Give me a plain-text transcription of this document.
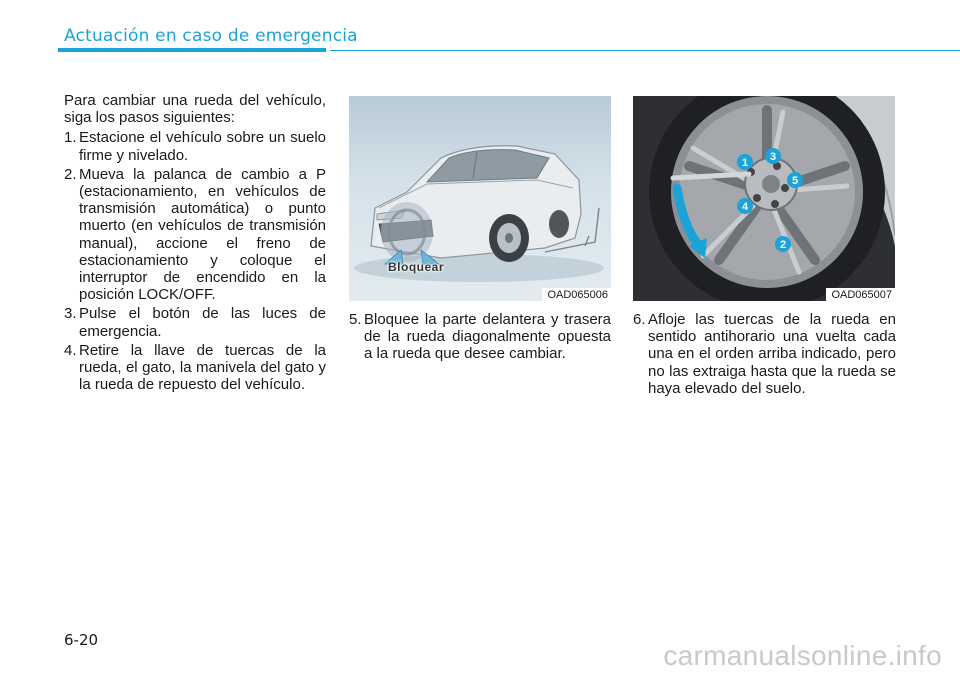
Actuación en caso de emergencia

Para cambiar una rueda del vehículo, siga los pasos siguientes:

1. Estacione el vehículo sobre un suelo firme y nivelado.
2. Mueva la palanca de cambio a P (estacionamiento, en vehículos de transmisión automática) o punto muerto (en vehículos de transmisión manual), accione el freno de estacionamiento y coloque el interruptor de encendido en la posición LOCK/OFF.
3. Pulse el botón de las luces de emergencia.
4. Retire la llave de tuercas de la rueda, el gato, la manivela del gato y la rueda de repuesto del vehículo.
Bloquear
OAD065006
1
2
3
4
5
OAD065007
5. Bloquee la parte delantera y trasera de la rueda diagonalmente opuesta a la rueda que desee cambiar.
6. Afloje las tuercas de la rueda en sentido antihorario una vuelta cada una en el orden arriba indicado, pero no las extraiga hasta que la rueda se haya elevado del suelo.
6-20	carmanualsonline.info
